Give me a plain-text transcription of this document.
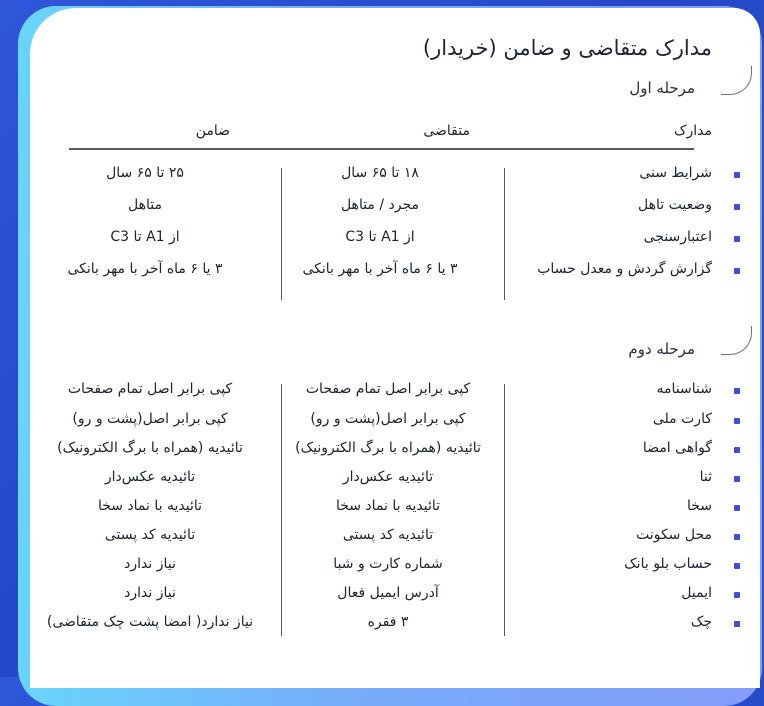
مدارک متقاضی و ضامن (خریدار)
مرحله اول
مدارک
متقاضی
ضامن
شرایط سنی
۱۸ تا ۶۵ سال
۲۵ تا ۶۵ سال
وضعیت تاهل
مجرد / متاهل
متاهل
اعتبارسنجی
از A1 تا C3
از A1 تا C3
گزارش گردش و معدل حساب
۳ یا ۶ ماه آخر با مهر بانکی
۳ یا ۶ ماه آخر با مهر بانکی
مرحله دوم
شناسنامه
کپی برابر اصل تمام صفحات
کپی برابر اصل تمام صفحات
کارت ملی
کپی برابر اصل(پشت و رو)
کپی برابر اصل(پشت و رو)
گواهی امضا
تائیدیه (همراه با برگ الکترونیک)
تائیدیه (همراه با برگ الکترونیک)
ثنا
تائیدیه عکس‌دار
تائیدیه عکس‌دار
سخا
تائیدیه با نماد سخا
تائیدیه با نماد سخا
محل سکونت
تائیدیه کد پستی
تائیدیه کد پستی
حساب بلو بانک
شماره کارت و شبا
نیاز ندارد
ایمیل
آدرس ایمیل فعال
نیاز ندارد
چک
۳ فقره
نیاز ندارد( امضا پشت چک متقاضی)
